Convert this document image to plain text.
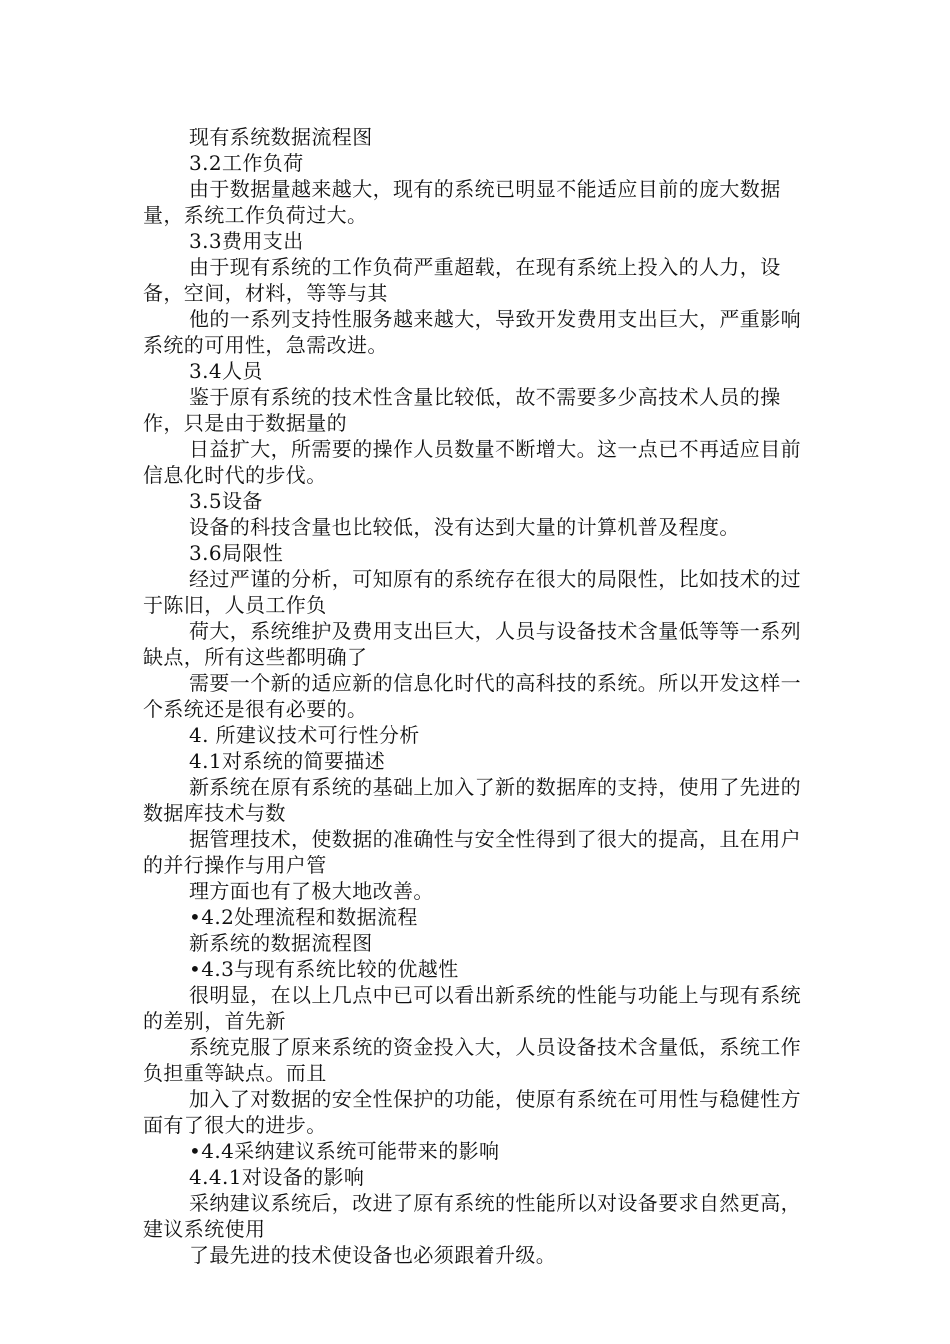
现有系统数据流程图

3.2工作负荷

由于数据量越来越大，现有的系统已明显不能适应目前的庞大数据量，系统工作负荷过大。

3.3费用支出

由于现有系统的工作负荷严重超载，在现有系统上投入的人力，设备，空间，材料，等等与其

他的一系列支持性服务越来越大，导致开发费用支出巨大，严重影响系统的可用性，急需改进。

3.4人员

鉴于原有系统的技术性含量比较低，故不需要多少高技术人员的操作，只是由于数据量的

日益扩大，所需要的操作人员数量不断增大。这一点已不再适应目前信息化时代的步伐。

3.5设备

设备的科技含量也比较低，没有达到大量的计算机普及程度。

3.6局限性

经过严谨的分析，可知原有的系统存在很大的局限性，比如技术的过于陈旧，人员工作负

荷大，系统维护及费用支出巨大，人员与设备技术含量低等等一系列缺点，所有这些都明确了

需要一个新的适应新的信息化时代的高科技的系统。所以开发这样一个系统还是很有必要的。

4. 所建议技术可行性分析

4.1对系统的简要描述

新系统在原有系统的基础上加入了新的数据库的支持，使用了先进的数据库技术与数

据管理技术，使数据的准确性与安全性得到了很大的提高，且在用户的并行操作与用户管

理方面也有了极大地改善。

•4.2处理流程和数据流程

新系统的数据流程图

•4.3与现有系统比较的优越性

很明显，在以上几点中已可以看出新系统的性能与功能上与现有系统的差别，首先新

系统克服了原来系统的资金投入大，人员设备技术含量低，系统工作负担重等缺点。而且

加入了对数据的安全性保护的功能，使原有系统在可用性与稳健性方面有了很大的进步。

•4.4采纳建议系统可能带来的影响

4.4.1对设备的影响

采纳建议系统后，改进了原有系统的性能所以对设备要求自然更高，建议系统使用

了最先进的技术使设备也必须跟着升级。
